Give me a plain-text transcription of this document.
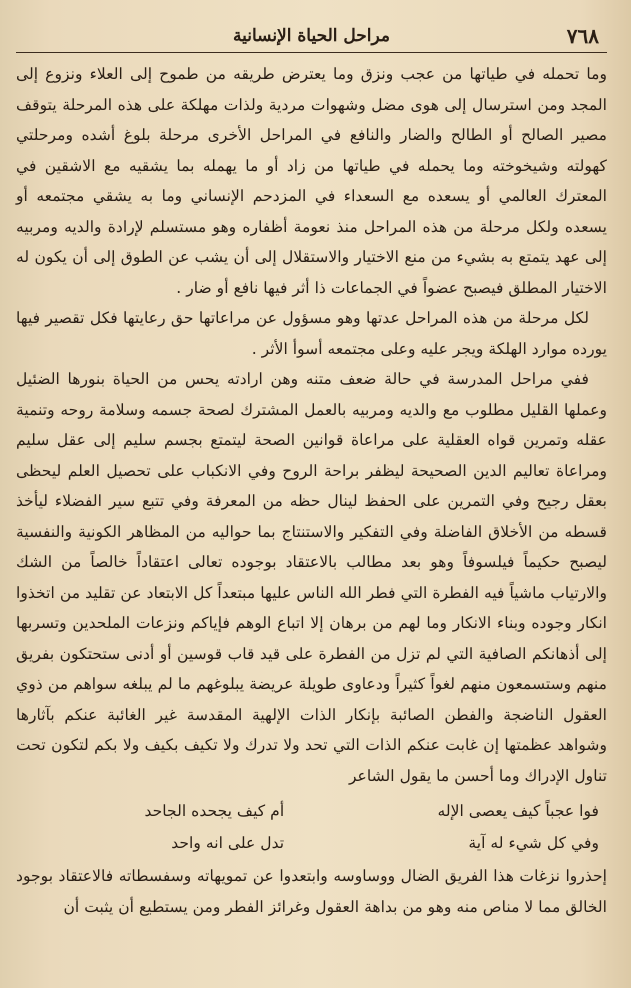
٧٦٨
مراحل الحياة الإنسانية

وما تحمله في طياتها من عجب ونزق وما يعترض طريقه من طموح إلى العلاء ونزوع إلى المجد ومن استرسال إلى هوى مضل وشهوات مردية ولذات مهلكة على هذه المرحلة يتوقف مصير الصالح أو الطالح والضار والنافع في المراحل الأخرى مرحلة بلوغ أشده ومرحلتي كهولته وشيخوخته وما يحمله في طياتها من زاد أو ما يهمله بما يشقيه مع الاشقين في المعترك العالمي أو يسعده مع السعداء في المزدحم الإنساني وما به يشقي مجتمعه أو يسعده ولكل مرحلة من هذه المراحل منذ نعومة أظفاره وهو مستسلم لإرادة والديه ومربيه إلى عهد يتمتع به بشيء من منع الاختيار والاستقلال إلى أن يشب عن الطوق إلى أن يكون له الاختيار المطلق فيصبح عضواً في الجماعات ذا أثر فيها نافع أو ضار .

لكل مرحلة من هذه المراحل عدتها وهو مسؤول عن مراعاتها حق رعايتها فكل تقصير فيها يورده موارد الهلكة ويجر عليه وعلى مجتمعه أسوأ الأثر .

ففي مراحل المدرسة في حالة ضعف متنه وهن ارادته يحس من الحياة بنورها الضئيل وعملها القليل مطلوب مع والديه ومربيه بالعمل المشترك لصحة جسمه وسلامة روحه وتنمية عقله وتمرين قواه العقلية على مراعاة قوانين الصحة ليتمتع بجسم سليم إلى عقل سليم ومراعاة تعاليم الدين الصحيحة ليظفر براحة الروح وفي الانكباب على تحصيل العلم ليحظى بعقل رجيح وفي التمرين على الحفظ لينال حظه من المعرفة وفي تتبع سير الفضلاء ليأخذ قسطه من الأخلاق الفاضلة وفي التفكير والاستنتاج بما حواليه من المظاهر الكونية والنفسية ليصبح حكيماً فيلسوفاً وهو بعد مطالب بالاعتقاد بوجوده تعالى اعتقاداً خالصاً من الشك والارتياب ماشياً فيه الفطرة التي فطر الله الناس عليها مبتعداً كل الابتعاد عن تقليد من اتخذوا انكار وجوده وبناء الانكار وما لهم من برهان إلا اتباع الوهم فإياكم ونزعات الملحدين وتسربها إلى أذهانكم الصافية التي لم تزل من الفطرة على قيد قاب قوسين أو أدنى ستحتكون بفريق منهم وستسمعون منهم لغواً كثيراً ودعاوى طويلة عريضة يبلوغهم ما لم يبلغه سواهم من ذوي العقول الناضجة والفطن الصائبة بإنكار الذات الإلهية المقدسة غير الغائبة عنكم بآثارها وشواهد عظمتها إن غابت عنكم الذات التي تحد ولا تدرك ولا تكيف بكيف ولا بكم لتكون تحت تناول الإدراك وما أحسن ما يقول الشاعر

فوا عجباً كيف يعصى الإله	أم كيف يجحده الجاحد
وفي كل شيء له آية	تدل على انه واحد

إحذروا نزغات هذا الفريق الضال ووساوسه وابتعدوا عن تمويهاته وسفسطاته فالاعتقاد بوجود الخالق مما لا مناص منه وهو من بداهة العقول وغرائز الفطر ومن يستطيع أن يثبت أن
